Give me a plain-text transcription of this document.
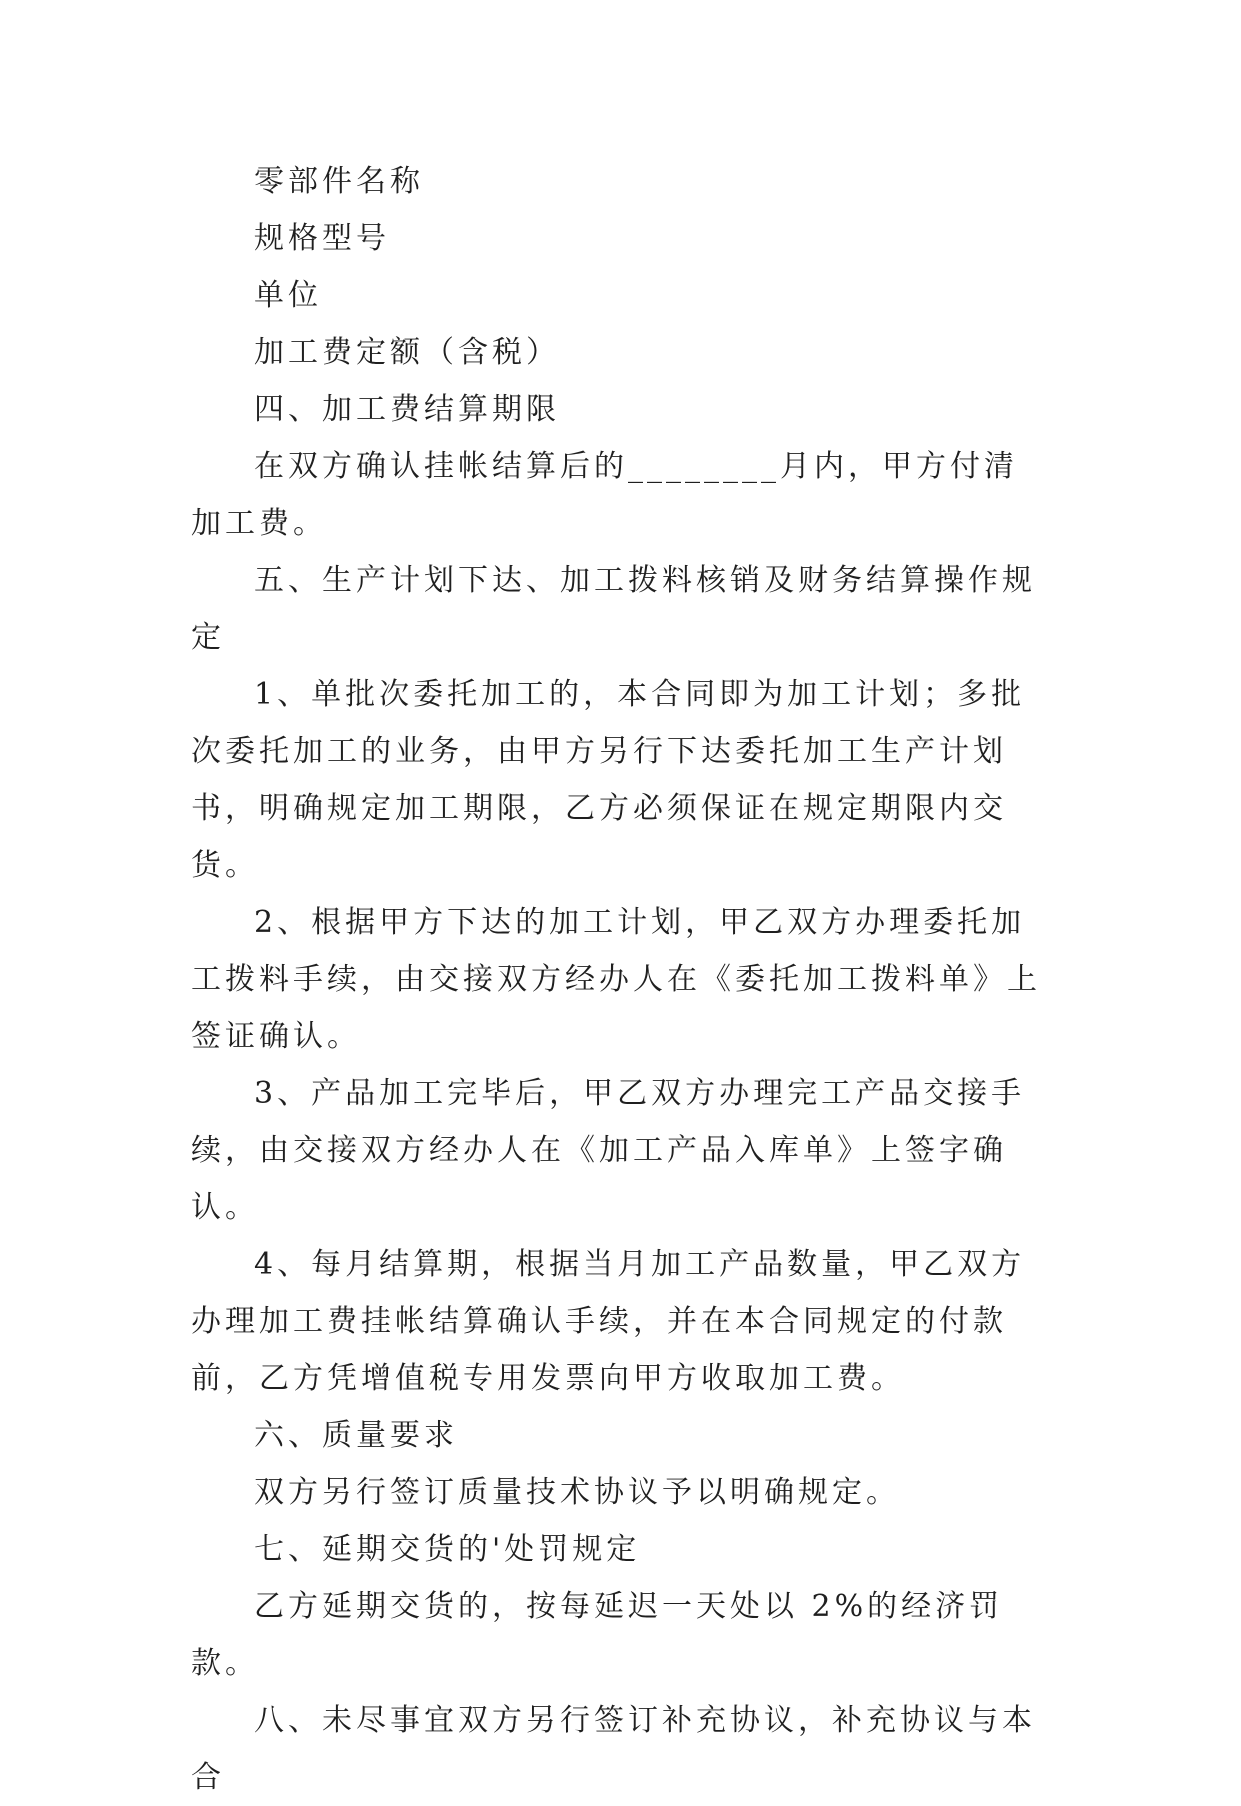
零部件名称

规格型号

单位

加工费定额（含税）

四、加工费结算期限

在双方确认挂帐结算后的________月内，甲方付清加工费。

五、生产计划下达、加工拨料核销及财务结算操作规定

1、单批次委托加工的，本合同即为加工计划；多批次委托加工的业务，由甲方另行下达委托加工生产计划书，明确规定加工期限，乙方必须保证在规定期限内交货。

2、根据甲方下达的加工计划，甲乙双方办理委托加工拨料手续，由交接双方经办人在《委托加工拨料单》上签证确认。

3、产品加工完毕后，甲乙双方办理完工产品交接手续，由交接双方经办人在《加工产品入库单》上签字确认。

4、每月结算期，根据当月加工产品数量，甲乙双方办理加工费挂帐结算确认手续，并在本合同规定的付款前，乙方凭增值税专用发票向甲方收取加工费。

六、质量要求

双方另行签订质量技术协议予以明确规定。

七、延期交货的'处罚规定

乙方延期交货的，按每延迟一天处以 2%的经济罚款。

八、未尽事宜双方另行签订补充协议，补充协议与本合
